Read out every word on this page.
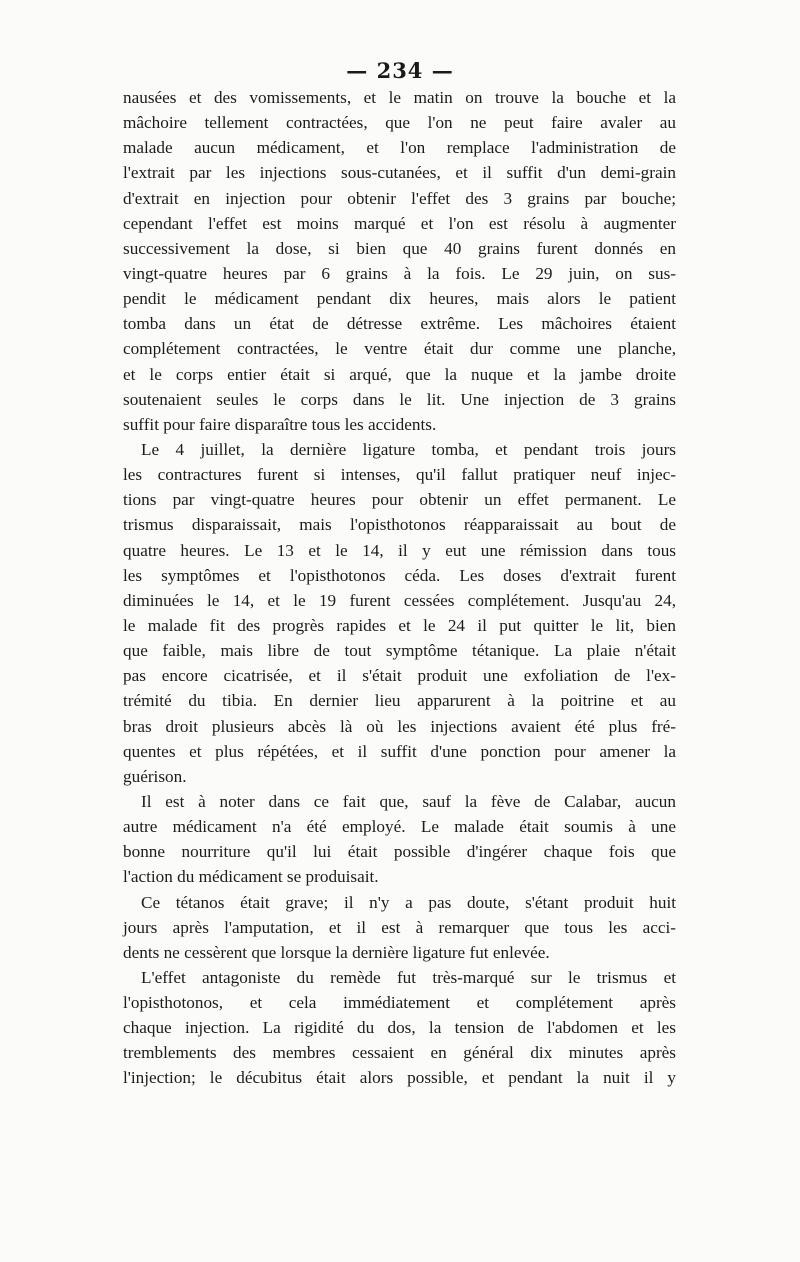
— 234 —
nausées et des vomissements, et le matin on trouve la bouche et la
mâchoire tellement contractées, que l'on ne peut faire avaler au
malade aucun médicament, et l'on remplace l'administration de
l'extrait par les injections sous-cutanées, et il suffit d'un demi-grain
d'extrait en injection pour obtenir l'effet des 3 grains par bouche;
cependant l'effet est moins marqué et l'on est résolu à augmenter
successivement la dose, si bien que 40 grains furent donnés en
vingt-quatre heures par 6 grains à la fois. Le 29 juin, on sus-
pendit le médicament pendant dix heures, mais alors le patient
tomba dans un état de détresse extrême. Les mâchoires étaient
complétement contractées, le ventre était dur comme une planche,
et le corps entier était si arqué, que la nuque et la jambe droite
soutenaient seules le corps dans le lit. Une injection de 3 grains
suffit pour faire disparaître tous les accidents.
Le 4 juillet, la dernière ligature tomba, et pendant trois jours
les contractures furent si intenses, qu'il fallut pratiquer neuf injec-
tions par vingt-quatre heures pour obtenir un effet permanent. Le
trismus disparaissait, mais l'opisthotonos réapparaissait au bout de
quatre heures. Le 13 et le 14, il y eut une rémission dans tous
les symptômes et l'opisthotonos céda. Les doses d'extrait furent
diminuées le 14, et le 19 furent cessées complétement. Jusqu'au 24,
le malade fit des progrès rapides et le 24 il put quitter le lit, bien
que faible, mais libre de tout symptôme tétanique. La plaie n'était
pas encore cicatrisée, et il s'était produit une exfoliation de l'ex-
trémité du tibia. En dernier lieu apparurent à la poitrine et au
bras droit plusieurs abcès là où les injections avaient été plus fré-
quentes et plus répétées, et il suffit d'une ponction pour amener la
guérison.
Il est à noter dans ce fait que, sauf la fève de Calabar, aucun
autre médicament n'a été employé. Le malade était soumis à une
bonne nourriture qu'il lui était possible d'ingérer chaque fois que
l'action du médicament se produisait.
Ce tétanos était grave; il n'y a pas doute, s'étant produit huit
jours après l'amputation, et il est à remarquer que tous les acci-
dents ne cessèrent que lorsque la dernière ligature fut enlevée.
L'effet antagoniste du remède fut très-marqué sur le trismus et
l'opisthotonos, et cela immédiatement et complétement après
chaque injection. La rigidité du dos, la tension de l'abdomen et les
tremblements des membres cessaient en général dix minutes après
l'injection; le décubitus était alors possible, et pendant la nuit il y
